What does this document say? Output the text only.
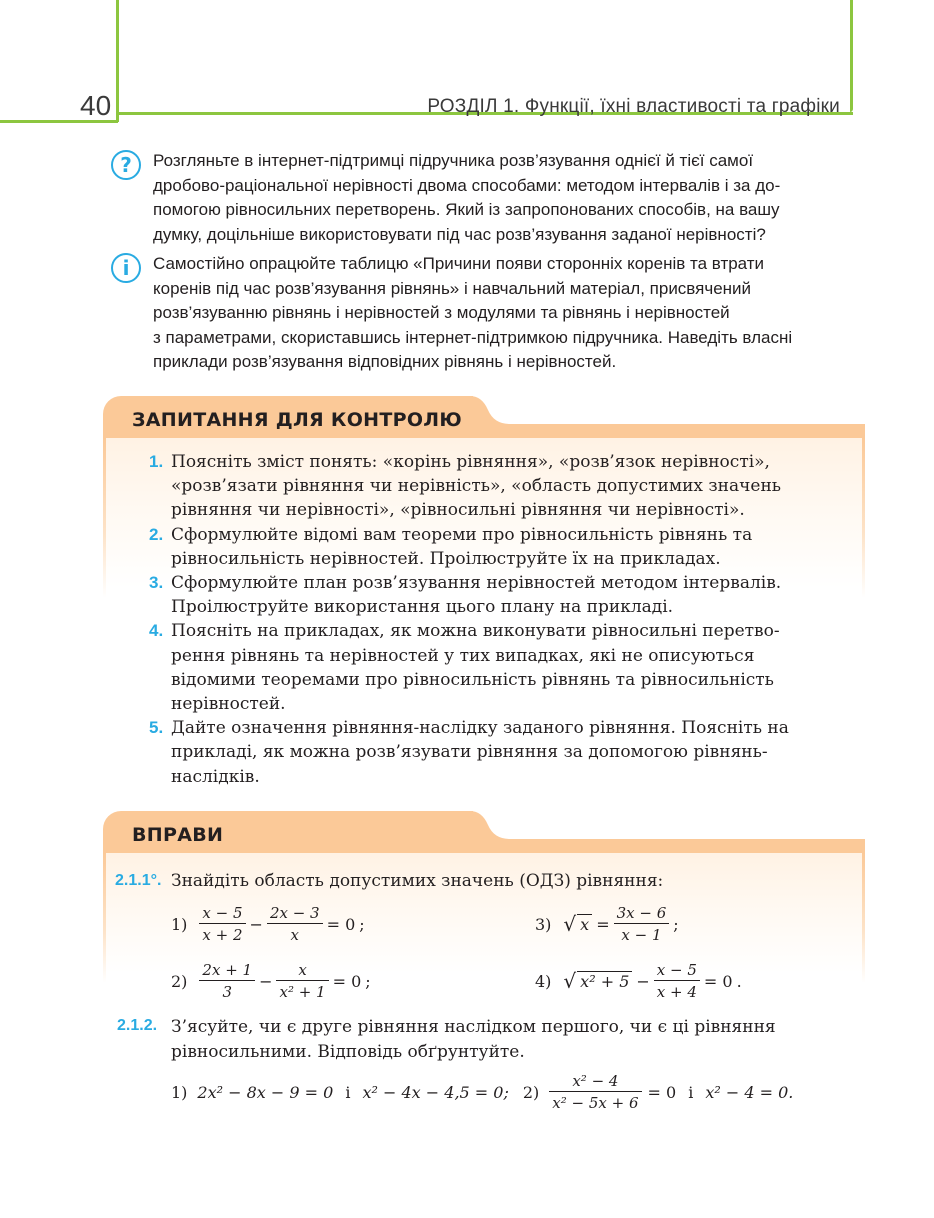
40	РОЗДІЛ 1. Функції, їхні властивості та графіки
?	Розгляньте в інтернет-підтримці підручника розв’язування однієї й тієї самої
дробово-раціональної нерівності двома способами: методом інтервалів і за до-
помогою рівносильних перетворень. Який із запропонованих способів, на вашу
думку, доцільніше використовувати під час розв’язування заданої нерівності?
i	Самостійно опрацюйте таблицю «Причини появи сторонніх коренів та втрати
коренів під час розв’язування рівнянь» і навчальний матеріал, присвячений
розв’язуванню рівнянь і нерівностей з модулями та рівнянь і нерівностей
з параметрами, скориставшись інтернет-підтримкою підручника. Наведіть власні
приклади розв’язування відповідних рівнянь і нерівностей.
ЗАПИТАННЯ ДЛЯ КОНТРОЛЮ
1. Поясніть зміст понять: «корінь рівняння», «розв’язок нерівності»,
«розв’язати рівняння чи нерівність», «область допустимих значень
рівняння чи нерівності», «рівносильні рівняння чи нерівності».
2. Сформулюйте відомі вам теореми про рівносильність рівнянь та
рівносильність нерівностей. Проілюструйте їх на прикладах.
3. Сформулюйте план розв’язування нерівностей методом інтервалів.
Проілюструйте використання цього плану на прикладі.
4. Поясніть на прикладах, як можна виконувати рівносильні перетво-
рення рівнянь та нерівностей у тих випадках, які не описуються
відомими теоремами про рівносильність рівнянь та рівносильність
нерівностей.
5. Дайте означення рівняння-наслідку заданого рівняння. Поясніть на
прикладі, як можна розв’язувати рівняння за допомогою рівнянь-
наслідків.
ВПРАВИ
2.1.1°. Знайдіть область допустимих значень (ОДЗ) рівняння:
$1) \frac{x - 5}{x + 2} - \frac{2x - 3}{x} = 0$ ;	3) √ $x = \frac{3x - 6}{x - 1}$ ;
$2) \frac{2x + 1}{3} - \frac{x}{\text{x² + 1}} = 0$ ;	4) √ $x^2 + 5 - \frac{x - 5}{x + 4} = 0$ .
2.1.2. З’ясуйте, чи є друге рівняння наслідком першого, чи є ці рівняння
рівносильними. Відповідь обґрунтуйте.
1) 2x² − 8x − 9 = 0 і x² − 4x − 4,5 = 0; $2) \frac{\text{x² − 4}}{\text{x² − 5x + 6}} = 0$ і x² − 4 = 0.
